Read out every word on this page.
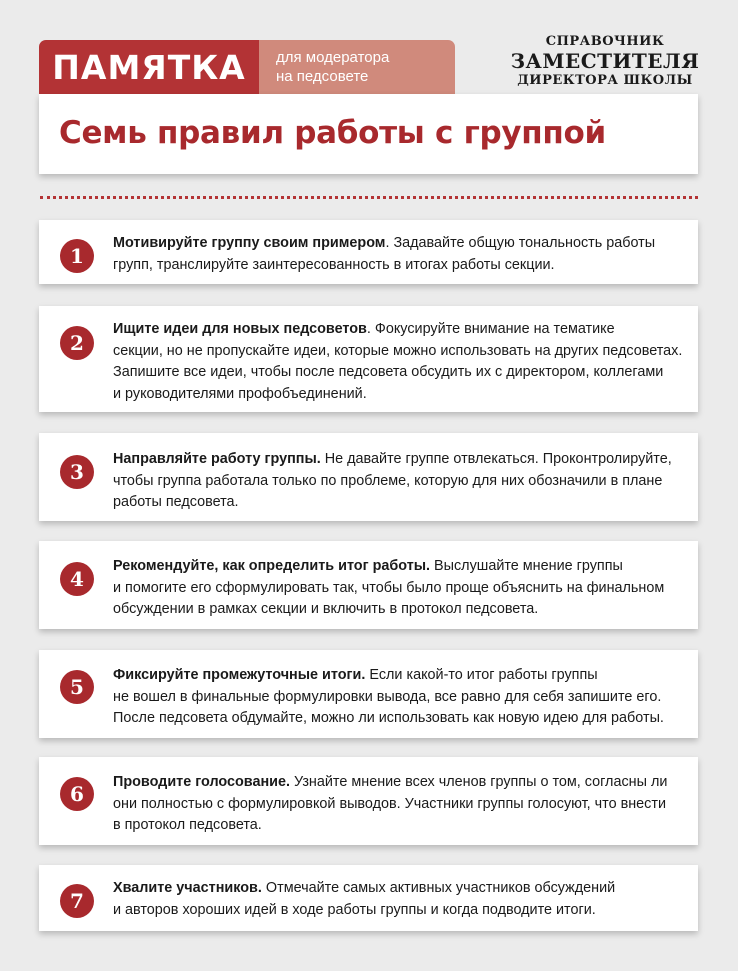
ПАМЯТКА для модератора
на педсовете
СПРАВОЧНИК
ЗАМЕСТИТЕЛЯ
ДИРЕКТОРА ШКОЛЫ
Семь правил работы с группой
1
Мотивируйте группу своим примером. Задавайте общую тональность работы
групп, транслируйте заинтересованность в итогах работы секции.
2
Ищите идеи для новых педсоветов. Фокусируйте внимание на тематике
секции, но не пропускайте идеи, которые можно использовать на других педсоветах.
Запишите все идеи, чтобы после педсовета обсудить их с директором, коллегами
и руководителями профобъединений.
3
Направляйте работу группы. Не давайте группе отвлекаться. Проконтролируйте,
чтобы группа работала только по проблеме, которую для них обозначили в плане
работы педсовета.
4
Рекомендуйте, как определить итог работы. Выслушайте мнение группы
и помогите его сформулировать так, чтобы было проще объяснить на финальном
обсуждении в рамках секции и включить в протокол педсовета.
5	Фиксируйте промежуточные итоги. Если какой-то итог работы группы
не вошел в финальные формулировки вывода, все равно для себя запишите его.
После педсовета обдумайте, можно ли использовать как новую идею для работы.
6	Проводите голосование. Узнайте мнение всех членов группы о том, согласны ли
они полностью с формулировкой выводов. Участники группы голосуют, что внести
в протокол педсовета.
7
Хвалите участников. Отмечайте самых активных участников обсуждений
и авторов хороших идей в ходе работы группы и когда подводите итоги.
